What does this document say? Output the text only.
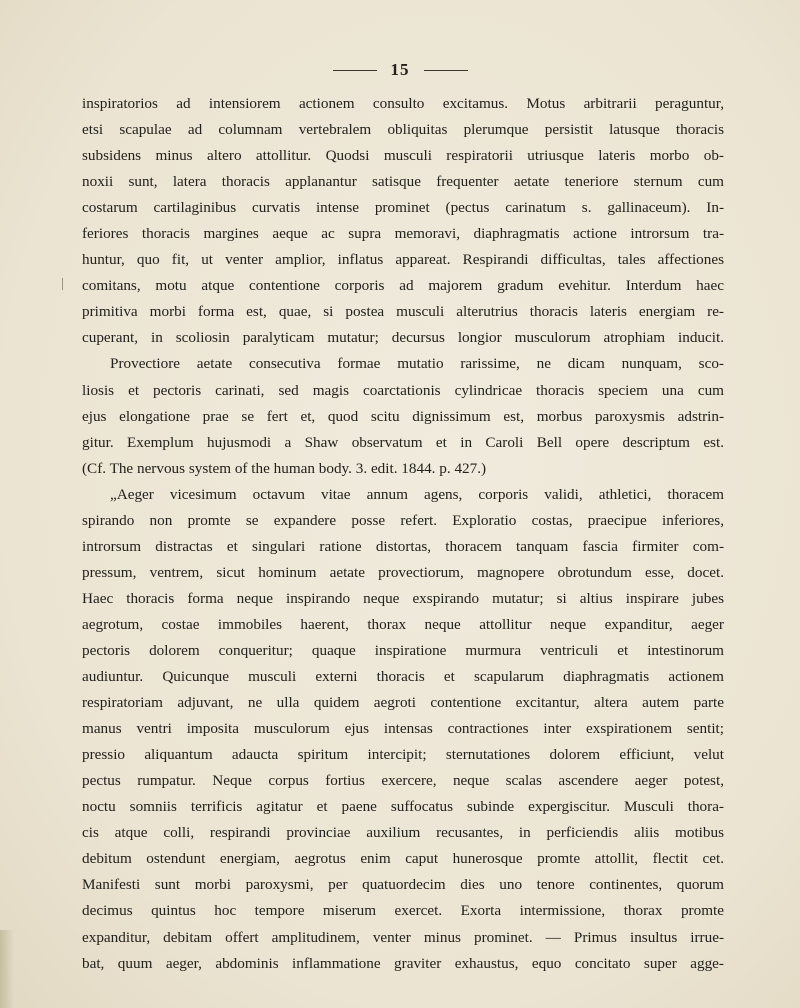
15
inspiratorios ad intensiorem actionem consulto excitamus. Motus arbitrarii peraguntur,
etsi scapulae ad columnam vertebralem obliquitas plerumque persistit latusque thoracis
subsidens minus altero attollitur. Quodsi musculi respiratorii utriusque lateris morbo ob-
noxii sunt, latera thoracis applanantur satisque frequenter aetate teneriore sternum cum
costarum cartilaginibus curvatis intense prominet (pectus carinatum s. gallinaceum). In-
feriores thoracis margines aeque ac supra memoravi, diaphragmatis actione introrsum tra-
huntur, quo fit, ut venter amplior, inflatus appareat. Respirandi difficultas, tales affectiones
comitans, motu atque contentione corporis ad majorem gradum evehitur. Interdum haec
primitiva morbi forma est, quae, si postea musculi alterutrius thoracis lateris energiam re-
cuperant, in scoliosin paralyticam mutatur; decursus longior musculorum atrophiam inducit.
Provectiore aetate consecutiva formae mutatio rarissime, ne dicam nunquam, sco-
liosis et pectoris carinati, sed magis coarctationis cylindricae thoracis speciem una cum
ejus elongatione prae se fert et, quod scitu dignissimum est, morbus paroxysmis adstrin-
gitur. Exemplum hujusmodi a Shaw observatum et in Caroli Bell opere descriptum est.
(Cf. The nervous system of the human body. 3. edit. 1844. p. 427.)
„Aeger vicesimum octavum vitae annum agens, corporis validi, athletici, thoracem
spirando non promte se expandere posse refert. Exploratio costas, praecipue inferiores,
introrsum distractas et singulari ratione distortas, thoracem tanquam fascia firmiter com-
pressum, ventrem, sicut hominum aetate provectiorum, magnopere obrotundum esse, docet.
Haec thoracis forma neque inspirando neque exspirando mutatur; si altius inspirare jubes
aegrotum, costae immobiles haerent, thorax neque attollitur neque expanditur, aeger
pectoris dolorem conqueritur; quaque inspiratione murmura ventriculi et intestinorum
audiuntur. Quicunque musculi externi thoracis et scapularum diaphragmatis actionem
respiratoriam adjuvant, ne ulla quidem aegroti contentione excitantur, altera autem parte
manus ventri imposita musculorum ejus intensas contractiones inter exspirationem sentit;
pressio aliquantum adaucta spiritum intercipit; sternutationes dolorem efficiunt, velut
pectus rumpatur. Neque corpus fortius exercere, neque scalas ascendere aeger potest,
noctu somniis terrificis agitatur et paene suffocatus subinde expergiscitur. Musculi thora-
cis atque colli, respirandi provinciae auxilium recusantes, in perficiendis aliis motibus
debitum ostendunt energiam, aegrotus enim caput hunerosque promte attollit, flectit cet.
Manifesti sunt morbi paroxysmi, per quatuordecim dies uno tenore continentes, quorum
decimus quintus hoc tempore miserum exercet. Exorta intermissione, thorax promte
expanditur, debitam offert amplitudinem, venter minus prominet. — Primus insultus irrue-
bat, quum aeger, abdominis inflammatione graviter exhaustus, equo concitato super agge-
